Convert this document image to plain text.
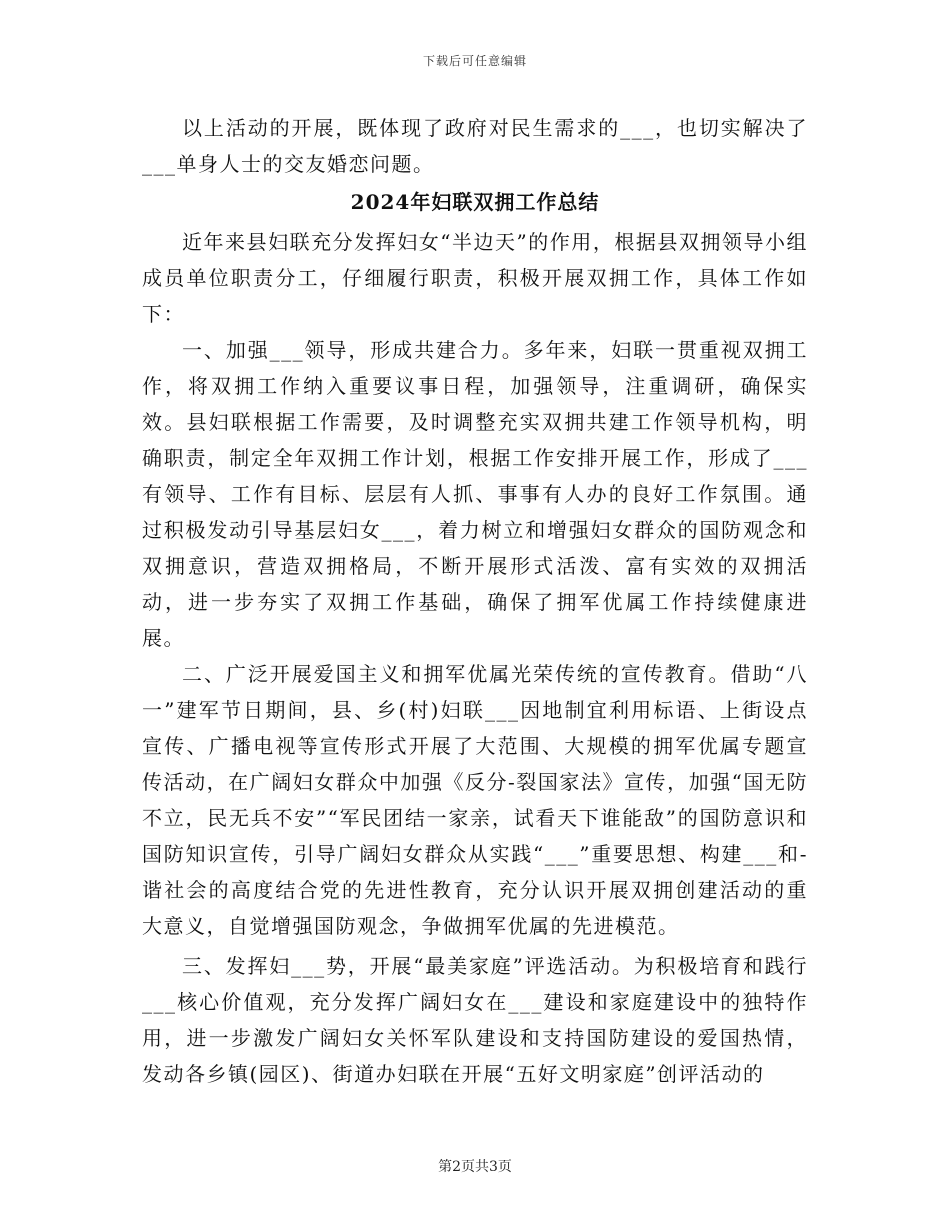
下载后可任意编辑

以上活动的开展，既体现了政府对民生需求的___，也切实解决了___单身人士的交友婚恋问题。

2024年妇联双拥工作总结

近年来县妇联充分发挥妇女“半边天”的作用，根据县双拥领导小组成员单位职责分工，仔细履行职责，积极开展双拥工作，具体工作如下：

一、加强___领导，形成共建合力。多年来，妇联一贯重视双拥工作，将双拥工作纳入重要议事日程，加强领导，注重调研，确保实效。县妇联根据工作需要，及时调整充实双拥共建工作领导机构，明确职责，制定全年双拥工作计划，根据工作安排开展工作，形成了___有领导、工作有目标、层层有人抓、事事有人办的良好工作氛围。通过积极发动引导基层妇女___，着力树立和增强妇女群众的国防观念和双拥意识，营造双拥格局，不断开展形式活泼、富有实效的双拥活动，进一步夯实了双拥工作基础，确保了拥军优属工作持续健康进展。

二、广泛开展爱国主义和拥军优属光荣传统的宣传教育。借助“八一”建军节日期间，县、乡(村)妇联___因地制宜利用标语、上街设点宣传、广播电视等宣传形式开展了大范围、大规模的拥军优属专题宣传活动，在广阔妇女群众中加强《反分-裂国家法》宣传，加强“国无防不立，民无兵不安”“军民团结一家亲，试看天下谁能敌”的国防意识和国防知识宣传，引导广阔妇女群众从实践“___”重要思想、构建___和-谐社会的高度结合党的先进性教育，充分认识开展双拥创建活动的重大意义，自觉增强国防观念，争做拥军优属的先进模范。

三、发挥妇___势，开展“最美家庭”评选活动。为积极培育和践行___核心价值观，充分发挥广阔妇女在___建设和家庭建设中的独特作用，进一步激发广阔妇女关怀军队建设和支持国防建设的爱国热情，发动各乡镇(园区)、街道办妇联在开展“五好文明家庭”创评活动的

第2页共3页
